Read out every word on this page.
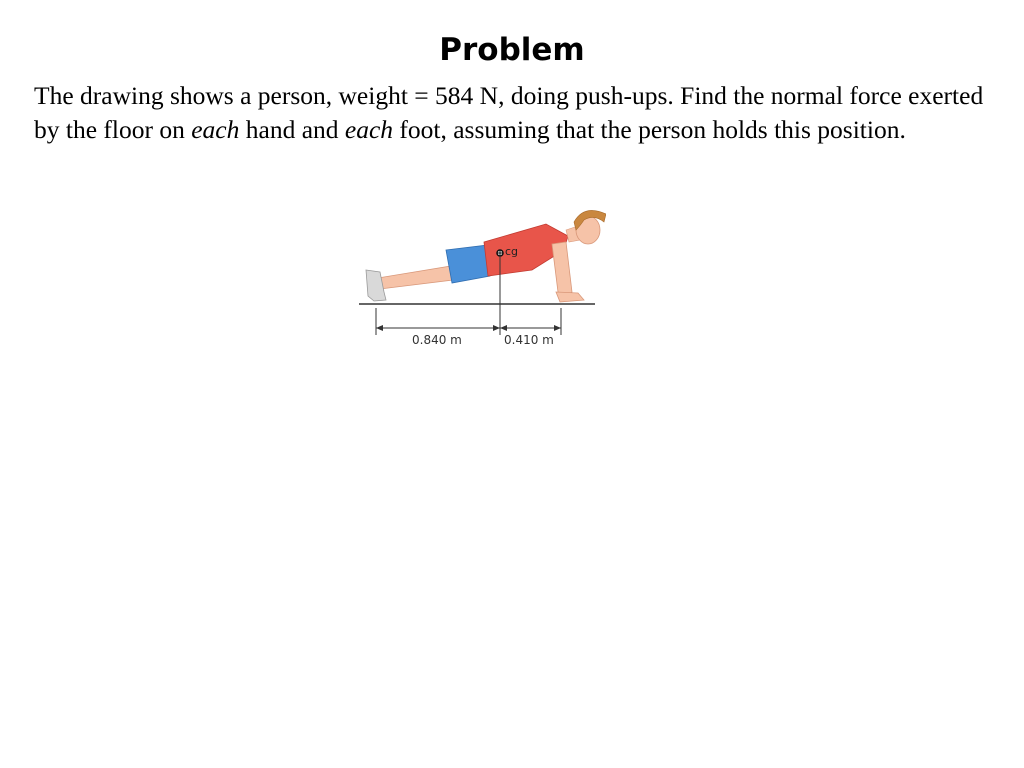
Problem

The drawing shows a person, weight = 584 N, doing push-ups. Find the normal force exerted by the floor on each hand and each foot, assuming that the person holds this position.

cg
0.840 m	0.410 m
